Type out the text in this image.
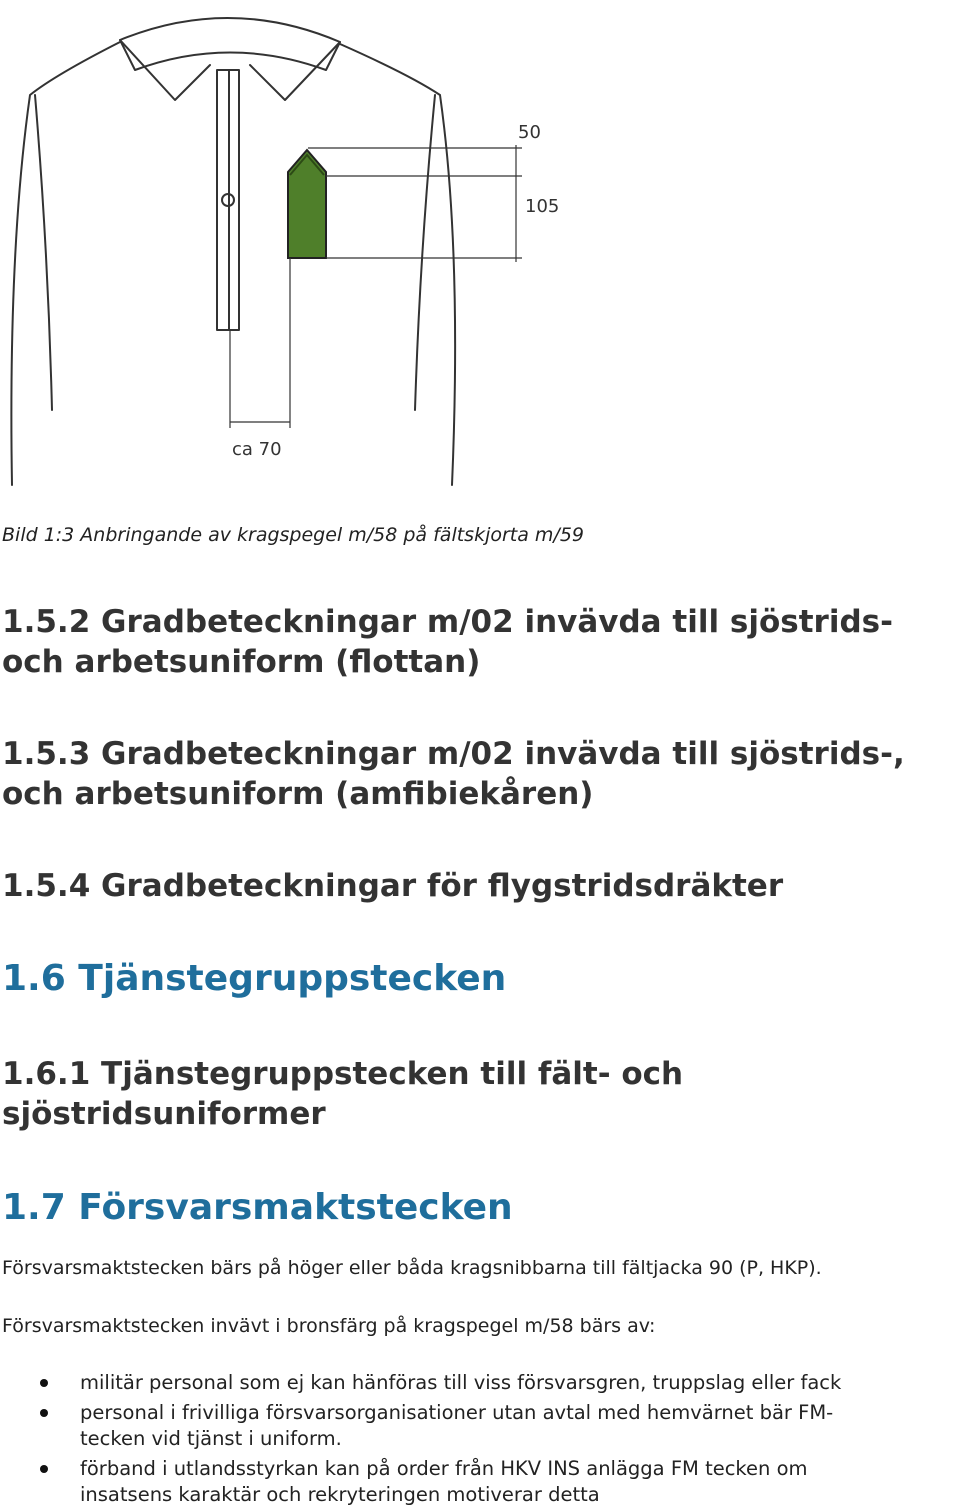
50
105
ca 70
Bild 1:3 Anbringande av kragspegel m/58 på fältskjorta m/59
1.5.2 Gradbeteckningar m/02 invävda till sjöstrids-
och arbetsuniform (flottan)
1.5.3 Gradbeteckningar m/02 invävda till sjöstrids-,
och arbetsuniform (amfibiekåren)
1.5.4 Gradbeteckningar för flygstridsdräkter
1.6 Tjänstegruppstecken
1.6.1 Tjänstegruppstecken till fält- och
sjöstridsuniformer
1.7 Försvarsmaktstecken
Försvarsmaktstecken bärs på höger eller båda kragsnibbarna till fältjacka 90 (P, HKP).
Försvarsmaktstecken invävt i bronsfärg på kragspegel m/58 bärs av:
militär personal som ej kan hänföras till viss försvarsgren, truppslag eller fack
personal i frivilliga försvarsorganisationer utan avtal med hemvärnet bär FM-
tecken vid tjänst i uniform.
förband i utlandsstyrkan kan på order från HKV INS anlägga FM tecken om
insatsens karaktär och rekryteringen motiverar detta
